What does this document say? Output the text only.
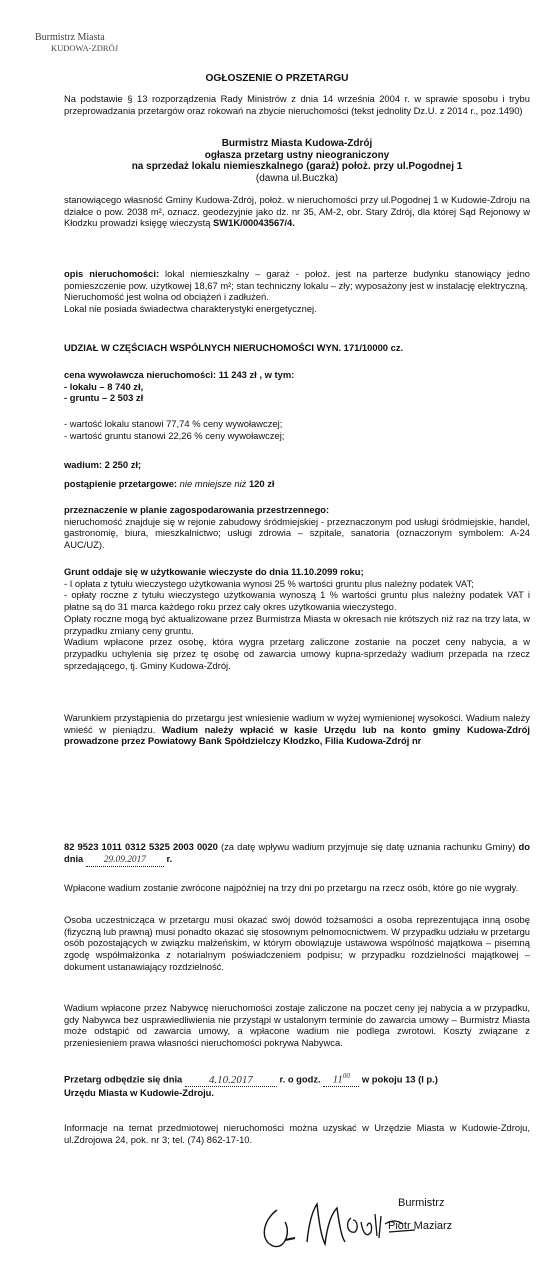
Burmistrz Miasta
KUDOWA-ZDRÓJ
OGŁOSZENIE O PRZETARGU
Na podstawie § 13 rozporządzenia Rady Ministrów z dnia 14 września 2004 r. w sprawie sposobu i trybu przeprowadzania przetargów oraz rokowań na zbycie nieruchomości (tekst jednolity Dz.U. z 2014 r., poz.1490)
Burmistrz Miasta Kudowa-Zdrój
ogłasza przetarg ustny nieograniczony
na sprzedaż lokalu niemieszkalnego (garaż) położ. przy ul.Pogodnej 1
(dawna ul.Buczka)
stanowiącego własność Gminy Kudowa-Zdrój, położ. w nieruchomości przy ul.Pogodnej 1 w Kudowie-Zdroju na działce o pow. 2038 m², oznacz. geodezyjnie jako dz. nr 35, AM-2, obr. Stary Zdrój, dla której Sąd Rejonowy w Kłodzku prowadzi księgę wieczystą SW1K/00043567/4.
opis nieruchomości: lokal niemieszkalny – garaż - położ. jest na parterze budynku stanowiący jedno pomieszczenie pow. użytkowej 18,67 m²; stan techniczny lokalu – zły; wyposażony jest w instalację elektryczną.
Nieruchomość jest wolna od obciążeń i zadłużeń.
Lokal nie posiada świadectwa charakterystyki energetycznej.
UDZIAŁ W CZĘŚCIACH WSPÓLNYCH NIERUCHOMOŚCI WYN. 171/10000 cz.
cena wywoławcza nieruchomości: 11 243 zł , w tym:
- lokalu – 8 740 zł,
- gruntu – 2 503 zł
- wartość lokalu stanowi 77,74 % ceny wywoławczej;
- wartość gruntu stanowi 22,26 % ceny wywoławczej;
wadium: 2 250 zł;
postąpienie przetargowe: nie mniejsze niż 120 zł
przeznaczenie w planie zagospodarowania przestrzennego:
nieruchomość znajduje się w rejonie zabudowy śródmiejskiej - przeznaczonym pod usługi śródmiejskie, handel, gastronomię, biura, mieszkalnictwo; usługi zdrowia – szpitale, sanatoria (oznaczonym symbolem: A-24 AUC/UZ).
Grunt oddaje się w użytkowanie wieczyste do dnia 11.10.2099 roku;
- I opłata z tytułu wieczystego użytkowania wynosi 25 % wartości gruntu plus należny podatek VAT;
- opłaty roczne z tytułu wieczystego użytkowania wynoszą 1 % wartości gruntu plus należny podatek VAT i płatne są do 31 marca każdego roku przez cały okres użytkowania wieczystego.
Opłaty roczne mogą być aktualizowane przez Burmistrza Miasta w okresach nie krótszych niż raz na trzy lata, w przypadku zmiany ceny gruntu.
Wadium wpłacone przez osobę, która wygra przetarg zaliczone zostanie na poczet ceny nabycia, a w przypadku uchylenia się przez tę osobę od zawarcia umowy kupna-sprzedaży wadium przepada na rzecz sprzedającego, tj. Gminy Kudowa-Zdrój.
Warunkiem przystąpienia do przetargu jest wniesienie wadium w wyżej wymienionej wysokości. Wadium należy wnieść w pieniądzu. Wadium należy wpłacić w kasie Urzędu lub na konto gminy Kudowa-Zdrój prowadzone przez Powiatowy Bank Spółdzielczy Kłodzko, Filia Kudowa-Zdrój nr
82 9523 1011 0312 5325 2003 0020 (za datę wpływu wadium przyjmuje się datę uznania rachunku Gminy) do dnia 29.09.2017 r.
Wpłacone wadium zostanie zwrócone najpóźniej na trzy dni po przetargu na rzecz osób, które go nie wygrały.
Osoba uczestnicząca w przetargu musi okazać swój dowód tożsamości a osoba reprezentująca inną osobę (fizyczną lub prawną) musi ponadto okazać się stosownym pełnomocnictwem. W przypadku udziału w przetargu osób pozostających w związku małżeńskim, w którym obowiązuje ustawowa wspólność majątkowa – pisemną zgodę współmałżonka z notarialnym poświadczeniem podpisu; w przypadku rozdzielności majątkowej – dokument ustanawiający rozdzielność.
Wadium wpłacone przez Nabywcę nieruchomości zostaje zaliczone na poczet ceny jej nabycia a w przypadku, gdy Nabywca bez usprawiedliwienia nie przystąpi w ustalonym terminie do zawarcia umowy – Burmistrz Miasta może odstąpić od zawarcia umowy, a wpłacone wadium nie podlega zwrotowi. Koszty związane z przeniesieniem prawa własności nieruchomości pokrywa Nabywca.
Przetarg odbędzie się dnia 4.10.2017	r. o godz. $11^{00}$ w pokoju 13 (I p.)
Urzędu Miasta w Kudowie-Zdroju.
Informacje na temat przedmiotowej nieruchomości można uzyskać w Urzędzie Miasta w Kudowie-Zdroju, ul.Zdrojowa 24, pok. nr 3; tel. (74) 862-17-10.
Burmistrz
Piotr Maziarz
